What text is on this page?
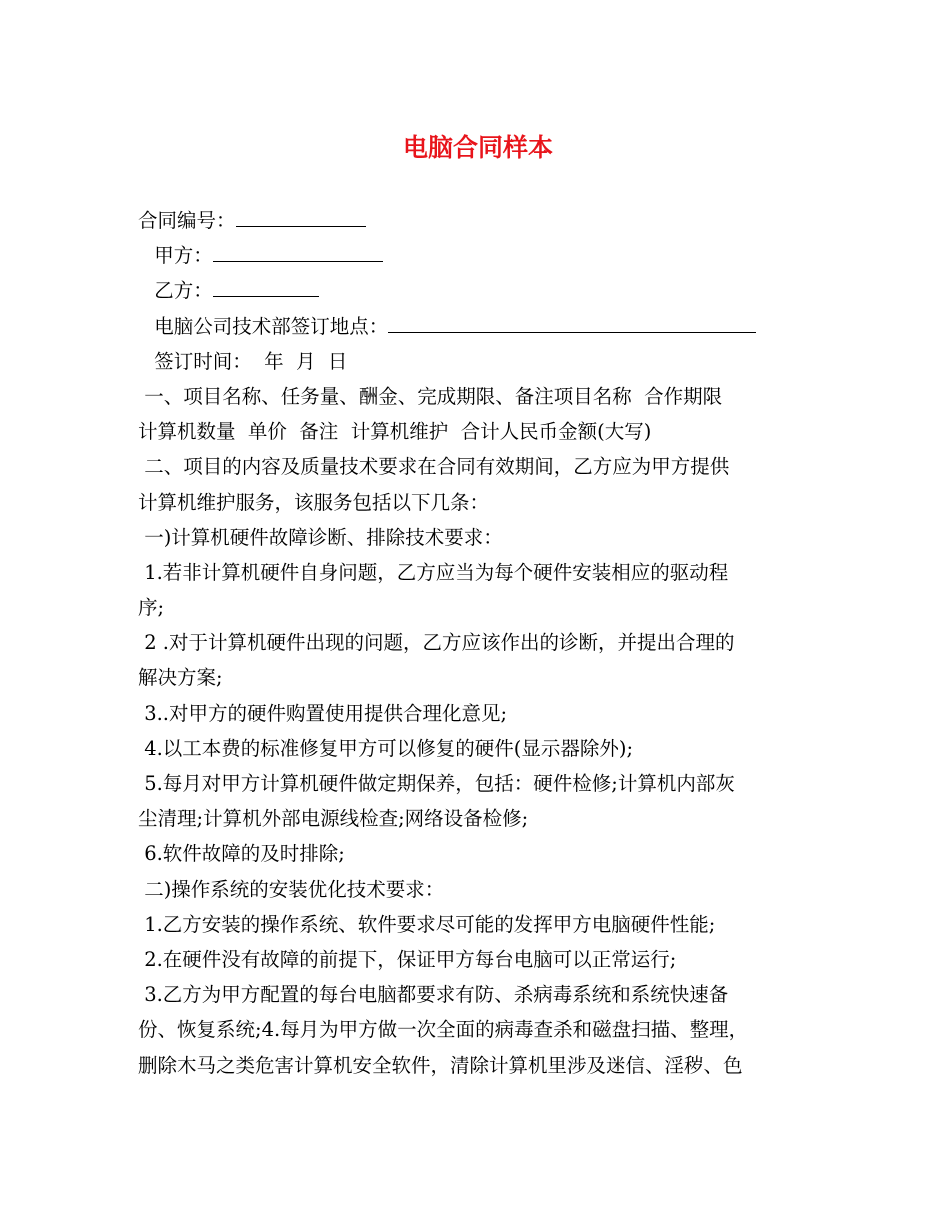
电脑合同样本
合同编号：
甲方：
乙方：
电脑公司技术部签订地点：
签订时间：  年  月  日
一、项目名称、任务量、酬金、完成期限、备注项目名称  合作期限
计算机数量  单价  备注  计算机维护  合计人民币金额(大写)
二、项目的内容及质量技术要求在合同有效期间，乙方应为甲方提供
计算机维护服务，该服务包括以下几条：
一)计算机硬件故障诊断、排除技术要求：
1.若非计算机硬件自身问题，乙方应当为每个硬件安装相应的驱动程
序;
2 .对于计算机硬件出现的问题，乙方应该作出的诊断，并提出合理的
解决方案;
3..对甲方的硬件购置使用提供合理化意见;
4.以工本费的标准修复甲方可以修复的硬件(显示器除外);
5.每月对甲方计算机硬件做定期保养，包括：硬件检修;计算机内部灰
尘清理;计算机外部电源线检查;网络设备检修;
6.软件故障的及时排除;
二)操作系统的安装优化技术要求：
1.乙方安装的操作系统、软件要求尽可能的发挥甲方电脑硬件性能;
2.在硬件没有故障的前提下，保证甲方每台电脑可以正常运行;
3.乙方为甲方配置的每台电脑都要求有防、杀病毒系统和系统快速备
份、恢复系统;4.每月为甲方做一次全面的病毒查杀和磁盘扫描、整理，
删除木马之类危害计算机安全软件，清除计算机里涉及迷信、淫秽、色
